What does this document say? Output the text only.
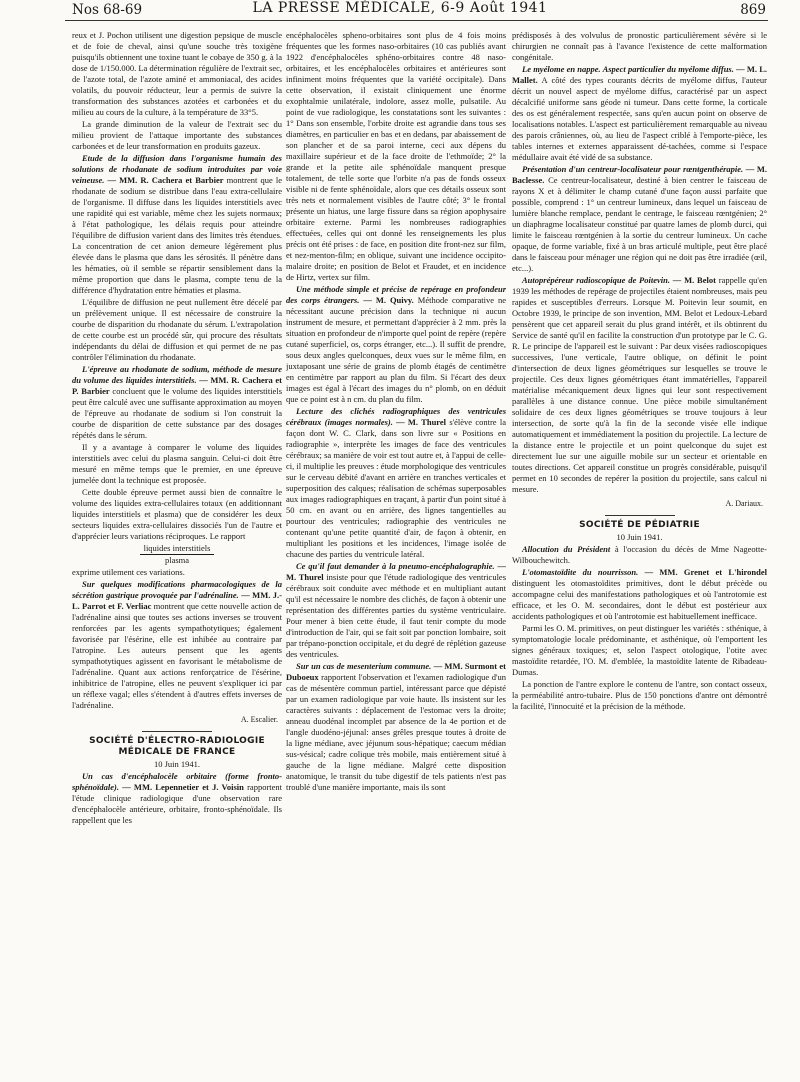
Nos 68-69	LA PRESSE MÉDICALE, 6-9 Août 1941	869

reux et J. Pochon utilisent une digestion pepsique de muscle et de foie de cheval, ainsi qu'une souche très toxigène puisqu'ils obtiennent une toxine tuant le cobaye de 350 g. à la dose de 1/150.000. La détermination régulière de l'extrait sec, de l'azote total, de l'azote aminé et ammoniacal, des acides volatils, du pouvoir réducteur, leur a permis de suivre la transformation des substances azotées et carbonées et du milieu au cours de la culture, à la température de 33°5.

La grande diminution de la valeur de l'extrait sec du milieu provient de l'attaque importante des substances carbonées et de leur transformation en produits gazeux.

Etude de la diffusion dans l'organisme humain des solutions de rhodanate de sodium introduites par voie veineuse. — MM. R. Cachera et Barbier montrent que le rhodanate de sodium se distribue dans l'eau extra-cellulaire de l'organisme. Il diffuse dans les liquides interstitiels avec une rapidité qui est variable, même chez les sujets normaux; à l'état pathologique, les délais requis pour atteindre l'équilibre de diffusion varient dans des limites très étendues. La concentration de cet anion demeure légèrement plus élevée dans le plasma que dans les sérosités. Il pénètre dans les hématies, où il semble se répartir sensiblement dans la même proportion que dans le plasma, compte tenu de la différence d'hydratation entre hématies et plasma.

L'équilibre de diffusion ne peut nullement être décelé par un prélèvement unique. Il est nécessaire de construire la courbe de disparition du rhodanate du sérum. L'extrapolation de cette courbe est un procédé sûr, qui procure des résultats indépendants du délai de diffusion et qui permet de ne pas contrôler l'élimination du rhodanate.

L'épreuve au rhodanate de sodium, méthode de mesure du volume des liquides interstitiels. — MM. R. Cachera et P. Barbier concluent que le volume des liquides interstitiels peut être calculé avec une suffisante approximation au moyen de l'épreuve au rhodanate de sodium si l'on construit la courbe de disparition de cette substance par des dosages répétés dans le sérum.

Il y a avantage à comparer le volume des liquides interstitiels avec celui du plasma sanguin. Celui-ci doit être mesuré en même temps que le premier, en une épreuve jumelée dont la technique est proposée.

Cette double épreuve permet aussi bien de connaître le volume des liquides extra-cellulaires totaux (en additionnant liquides interstitiels et plasma) que de considérer les deux secteurs liquides extra-cellulaires dissociés l'un de l'autre et d'apprécier leurs variations réciproques. Le rapport

liquides interstitiels
plasma

exprime utilement ces variations.

Sur quelques modifications pharmacologiques de la sécrétion gastrique provoquée par l'adrénaline. — MM. J.-L. Parrot et F. Verliac montrent que cette nouvelle action de l'adrénaline ainsi que toutes ses actions inverses se trouvent renforcées par les agents sympathotytiques; également favorisée par l'ésérine, elle est inhibée au contraire par l'atropine. Les auteurs pensent que les agents sympathotytiques agissent en favorisant le métabolisme de l'adrénaline. Quant aux actions renforçatrice de l'ésérine, inhibitrice de l'atropine, elles ne peuvent s'expliquer ici par un réflexe vagal; elles s'étendent à d'autres effets inverses de l'adrénaline.

A. Escalier.

SOCIÉTÉ D'ÉLECTRO-RADIOLOGIE MÉDICALE DE FRANCE

10 Juin 1941.

Un cas d'encéphalocèle orbitaire (forme fronto-sphénoïdale). — MM. Lepennetier et J. Voisin rapportent l'étude clinique radiologique d'une observation rare d'encéphalocèle antérieure, orbitaire, fronto-sphénoïdale. Ils rappellent que les

encéphalocèles spheno-orbitaires sont plus de 4 fois moins fréquentes que les formes naso-orbitaires (10 cas publiés avant 1922 d'encéphalocèles sphéno-orbitaires contre 48 naso-orbitaires, et les encéphalocèles orbitaires et antérieures sont infiniment moins fréquentes que la variété occipitale). Dans cette observation, il existait cliniquement une énorme exophtalmie unilatérale, indolore, assez molle, pulsatile. Au point de vue radiologique, les constatations sont les suivantes : 1° Dans son ensemble, l'orbite droite est agrandie dans tous ses diamètres, en particulier en bas et en dedans, par abaissement de son plancher et de sa paroi interne, ceci aux dépens du maxillaire supérieur et de la face droite de l'ethmoïde; 2° la grande et la petite aile sphénoïdale manquent presque totalement, de telle sorte que l'orbite n'a pas de fonds osseux visible ni de fente sphénoïdale, alors que ces détails osseux sont très nets et normalement visibles de l'autre côté; 3° le frontal présente un hiatus, une large fissure dans sa région apophysaire orbitaire externe. Parmi les nombreuses radiographies effectuées, celles qui ont donné les renseignements les plus précis ont été prises : de face, en position dite front-nez sur film, et nez-menton-film; en oblique, suivant une incidence occipito-malaire droite; en position de Belot et Fraudet, et en incidence de Hirtz, vertex sur film.

Une méthode simple et précise de repérage en profondeur des corps étrangers. — M. Quivy. Méthode comparative ne nécessitant aucune précision dans la technique ni aucun instrument de mesure, et permettant d'apprécier à 2 mm. près la situation en profondeur de n'importe quel point de repère (repère cutané superficiel, os, corps étranger, etc...). Il suffit de prendre, sous deux angles quelconques, deux vues sur le même film, en juxtaposant une série de grains de plomb étagés de centimètre en centimètre par rapport au plan du film. Si l'écart des deux images est égal à l'écart des images du n° plomb, on en déduit que ce point est à n cm. du plan du film.

Lecture des clichés radiographiques des ventricules cérébraux (images normales). — M. Thurel s'élève contre la façon dont W. C. Clark, dans son livre sur « Positions en radiographie », interprète les images de face des ventricules cérébraux; sa manière de voir est tout autre et, à l'appui de celle-ci, il multiplie les preuves : étude morphologique des ventricules sur le cerveau débité d'avant en arrière en tranches verticales et superposition des calques; réalisation de schémas superposables aux images radiographiques en traçant, à partir d'un point situé à 50 cm. en avant ou en arrière, des lignes tangentielles au pourtour des ventricules; radiographie des ventricules ne contenant qu'une petite quantité d'air, de façon à obtenir, en multipliant les positions et les incidences, l'image isolée de chacune des parties du ventricule latéral.

Ce qu'il faut demander à la pneumo-encéphalographie. — M. Thurel insiste pour que l'étude radiologique des ventricules cérébraux soit conduite avec méthode et en multipliant autant qu'il est nécessaire le nombre des clichés, de façon à obtenir une représentation des différentes parties du système ventriculaire. Pour mener à bien cette étude, il faut tenir compte du mode d'introduction de l'air, qui se fait soit par ponction lombaire, soit par trépano-ponction occipitale, et du degré de réplétion gazeuse des ventricules.

Sur un cas de mesenterium commune. — MM. Surmont et Duboeux rapportent l'observation et l'examen radiologique d'un cas de mésentère commun partiel, intéressant parce que dépisté par un examen radiologique par voie haute. Ils insistent sur les caractères suivants : déplacement de l'estomac vers la droite; anneau duodénal incomplet par absence de la 4e portion et de l'angle duodéno-jéjunal: anses grêles presque toutes à droite de la ligne médiane, avec jéjunum sous-hépatique; caecum médian sus-vésical; cadre colique très mobile, mais entièrement situé à gauche de la ligne médiane. Malgré cette disposition anatomique, le transit du tube digestif de tels patients n'est pas troublé d'une manière importante, mais ils sont

prédisposés à des volvulus de pronostic particulièrement sévère si le chirurgien ne connaît pas à l'avance l'existence de cette malformation congénitale.

Le myélome en nappe. Aspect particulier du myélome diffus. — M. L. Mallet. A côté des types courants décrits de myélome diffus, l'auteur décrit un nouvel aspect de myélome diffus, caractérisé par un aspect décalcifié uniforme sans géode ni tumeur. Dans cette forme, la corticale des os est généralement respectée, sans qu'en aucun point on observe de localisations notables. L'aspect est particulièrement remarquable au niveau des parois crâniennes, où, au lieu de l'aspect criblé à l'emporte-pièce, les tables internes et externes apparaissent dé-tachées, comme si l'espace médullaire avait été vidé de sa substance.

Présentation d'un centreur-localisateur pour rœntgenthérapie. — M. Baclesse. Ce centreur-localisateur, destiné à bien centrer le faisceau de rayons X et à délimiter le champ cutané d'une façon aussi parfaite que possible, comprend : 1° un centreur lumineux, dans lequel un faisceau de lumière blanche remplace, pendant le centrage, le faisceau rœntgénien; 2° un diaphragme localisateur constitué par quatre lames de plomb durci, qui limite le faisceau rœntgénien à la sortie du centreur lumineux. Un cache opaque, de forme variable, fixé à un bras articulé multiple, peut être placé dans le faisceau pour ménager une région qui ne doit pas être irradiée (œil, etc...).

Autoprépéreur radioscopique de Poitevin. — M. Belot rappelle qu'en 1939 les méthodes de repérage de projectiles étaient nombreuses, mais peu rapides et susceptibles d'erreurs. Lorsque M. Poitevin leur soumit, en Octobre 1939, le principe de son invention, MM. Belot et Ledoux-Lebard pensèrent que cet appareil serait du plus grand intérêt, et ils obtinrent du Service de santé qu'il en facilite la construction d'un prototype par le C. G. R. Le principe de l'appareil est le suivant : Par deux visées radioscopiques successives, l'une verticale, l'autre oblique, on définit le point d'intersection de deux lignes géométriques sur lesquelles se trouve le projectile. Ces deux lignes géométriques étant immatérielles, l'appareil matérialise mécaniquement deux lignes qui leur sont respectivement parallèles à une distance connue. Une pièce mobile simultanément solidaire de ces deux lignes géométriques se trouve toujours à leur intersection, de sorte qu'à la fin de la seconde visée elle indique automatiquement et immédiatement la position du projectile. La lecture de la distance entre le projectile et un point quelconque du sujet est directement lue sur une aiguille mobile sur un secteur et orientable en toutes directions. Cet appareil constitue un progrès considérable, puisqu'il permet en 10 secondes de repérer la position du projectile, sans calcul ni mesure.

A. Dariaux.

SOCIÉTÉ DE PÉDIATRIE

10 Juin 1941.

Allocution du Président à l'occasion du décès de Mme Nageotte-Wilbouchewitch.

L'otomastoïdite du nourrisson. — MM. Grenet et L'hirondel distinguent les otomastoïdites primitives, dont le début précède ou accompagne celui des manifestations pathologiques et où l'antrotomie est efficace, et les O. M. secondaires, dont le début est postérieur aux accidents pathologiques et où l'antrotomie est habituellement inefficace.

Parmi les O. M. primitives, on peut distinguer les variétés : sthénique, à symptomatologie locale prédominante, et asthénique, où l'emportent les signes généraux toxiques; et, selon l'aspect otologique, l'otite avec mastoïdite retardée, l'O. M. d'emblée, la mastoïdite latente de Ribadeau-Dumas.

La ponction de l'antre explore le contenu de l'antre, son contact osseux, la perméabilité antro-tubaire. Plus de 150 ponctions d'antre ont démontré la facilité, l'innocuité et la précision de la méthode.
